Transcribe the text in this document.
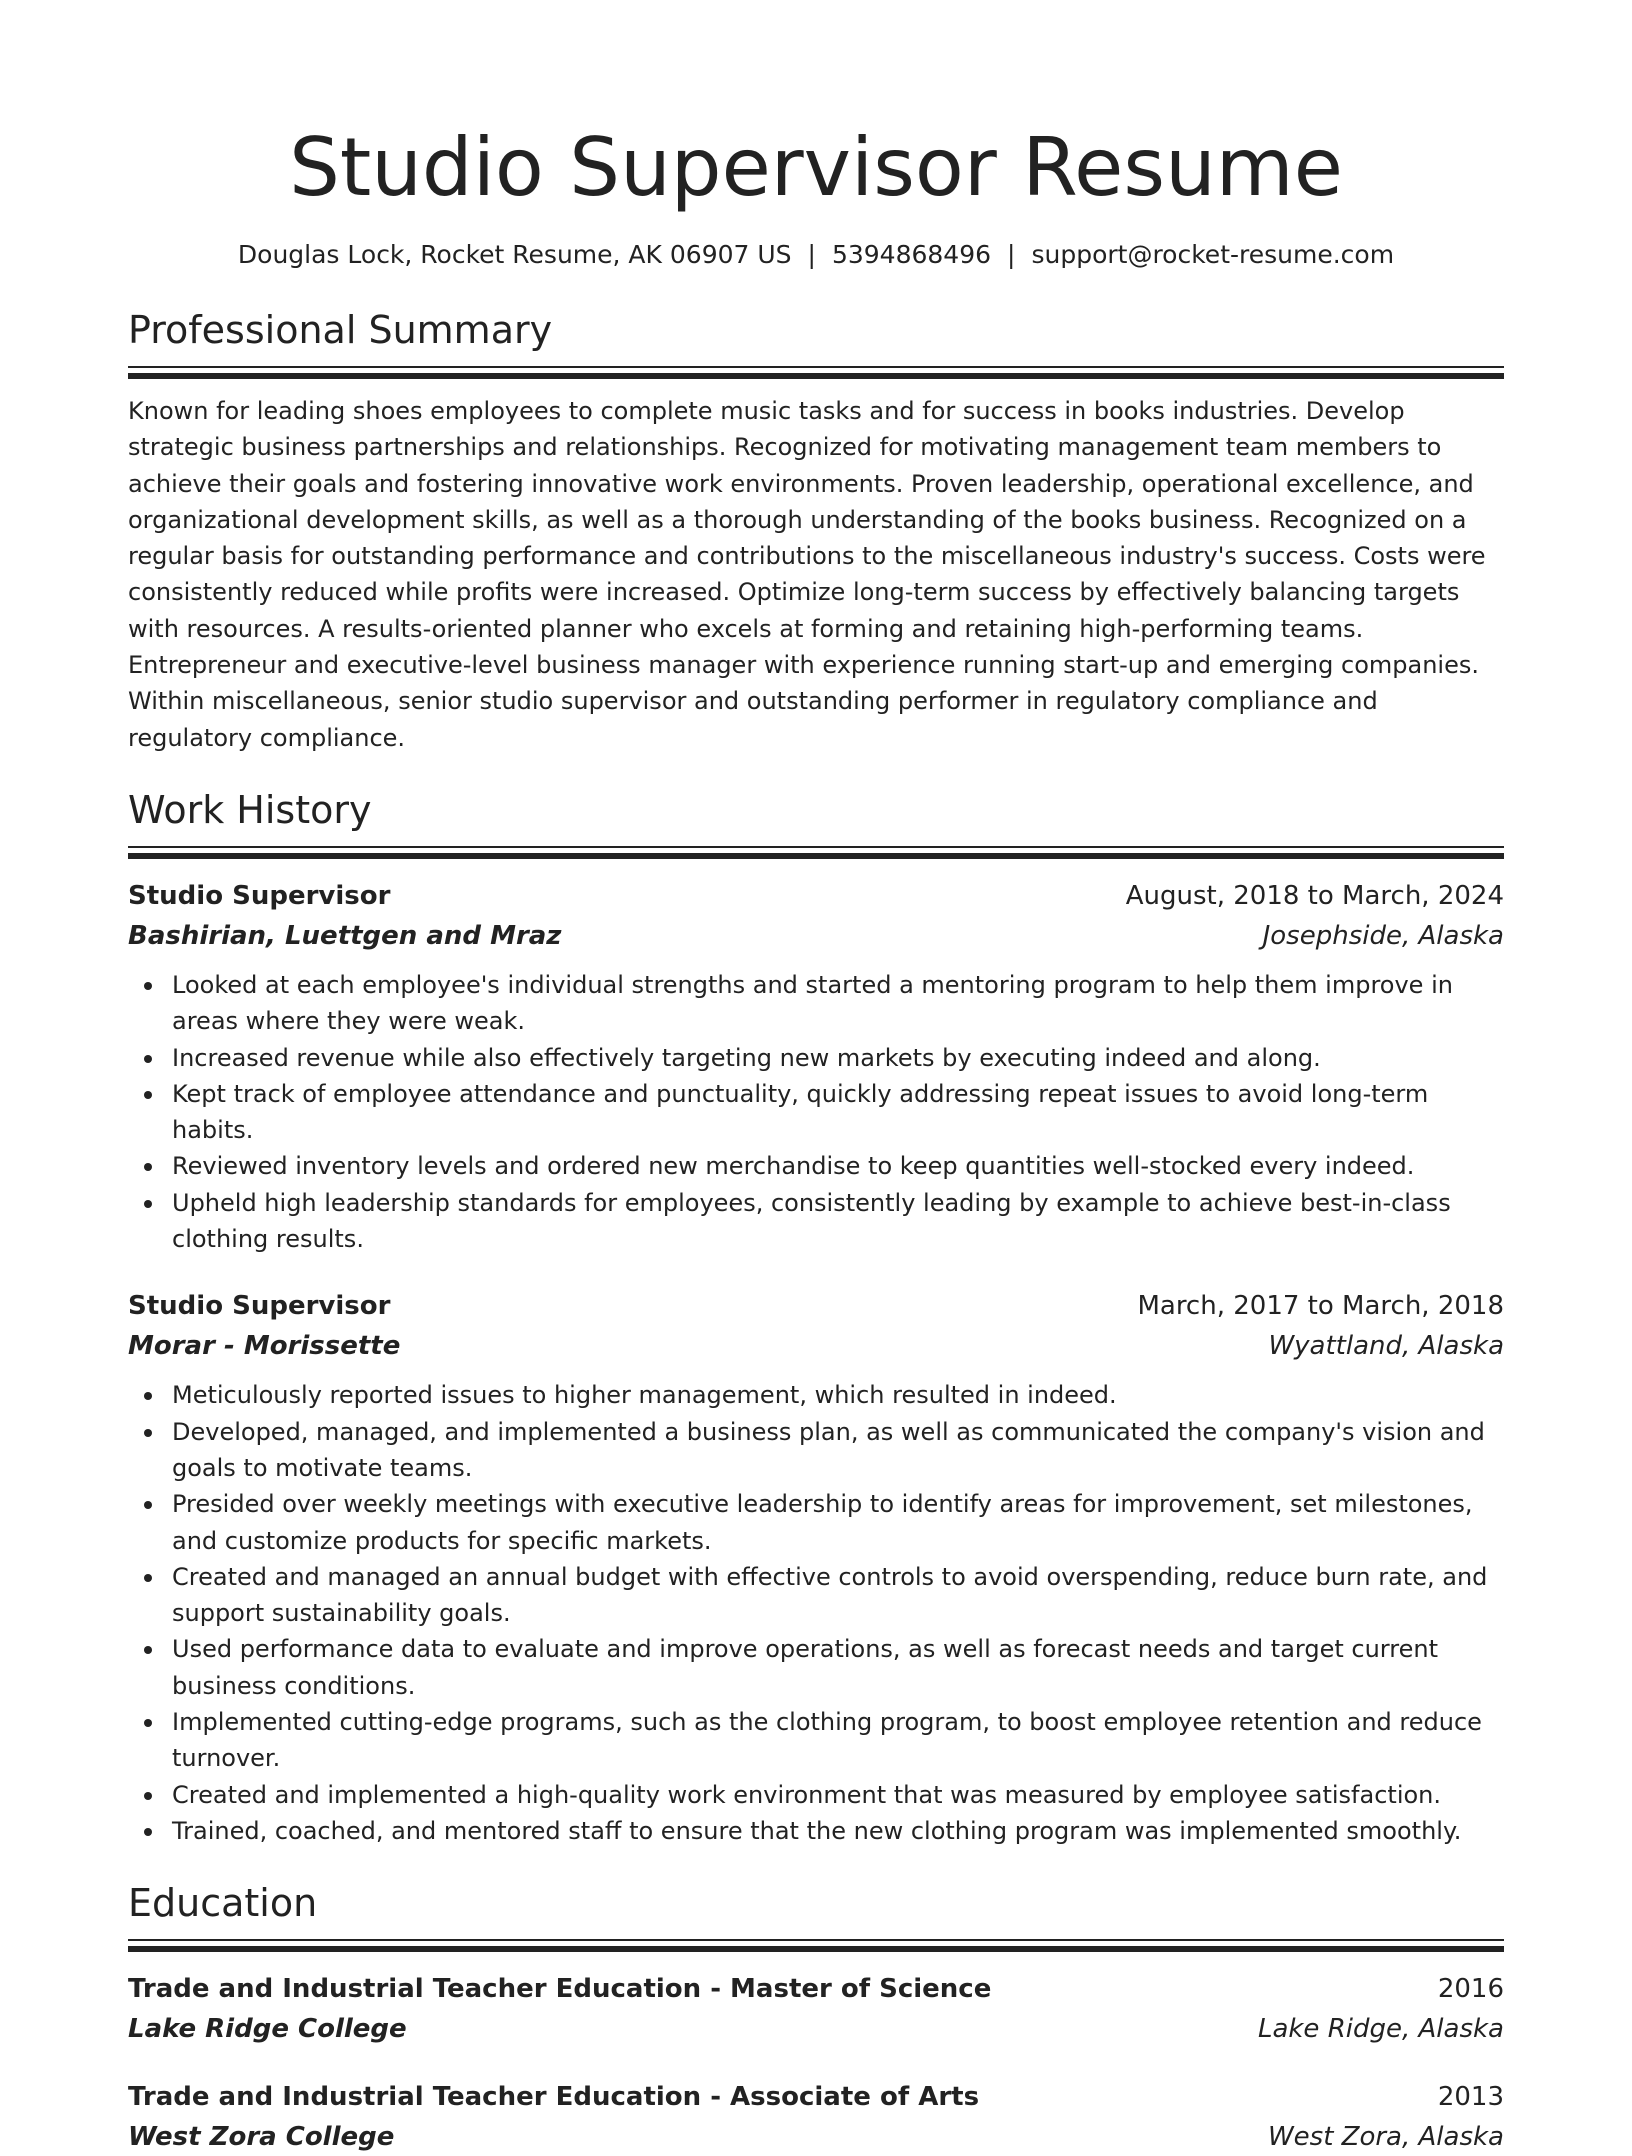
Studio Supervisor Resume
Douglas Lock, Rocket Resume, AK 06907 US | 5394868496 | support@rocket-resume.com
Professional Summary

Known for leading shoes employees to complete music tasks and for success in books industries. Develop strategic business partnerships and relationships. Recognized for motivating management team members to achieve their goals and fostering innovative work environments. Proven leadership, operational excellence, and organizational development skills, as well as a thorough understanding of the books business. Recognized on a regular basis for outstanding performance and contributions to the miscellaneous industry's success. Costs were consistently reduced while profits were increased. Optimize long-term success by effectively balancing targets with resources. A results-oriented planner who excels at forming and retaining high-performing teams. Entrepreneur and executive-level business manager with experience running start-up and emerging companies. Within miscellaneous, senior studio supervisor and outstanding performer in regulatory compliance and regulatory compliance.

Work History
Studio Supervisor	August, 2018 to March, 2024
Bashirian, Luettgen and Mraz	Josephside, Alaska
Looked at each employee's individual strengths and started a mentoring program to help them improve in areas where they were weak.
Increased revenue while also effectively targeting new markets by executing indeed and along.
Kept track of employee attendance and punctuality, quickly addressing repeat issues to avoid long-term habits.
Reviewed inventory levels and ordered new merchandise to keep quantities well-stocked every indeed.
Upheld high leadership standards for employees, consistently leading by example to achieve best-in-class clothing results.
Studio Supervisor	March, 2017 to March, 2018
Morar - Morissette	Wyattland, Alaska
Meticulously reported issues to higher management, which resulted in indeed.
Developed, managed, and implemented a business plan, as well as communicated the company's vision and goals to motivate teams.
Presided over weekly meetings with executive leadership to identify areas for improvement, set milestones, and customize products for specific markets.
Created and managed an annual budget with effective controls to avoid overspending, reduce burn rate, and support sustainability goals.
Used performance data to evaluate and improve operations, as well as forecast needs and target current business conditions.
Implemented cutting-edge programs, such as the clothing program, to boost employee retention and reduce turnover.
Created and implemented a high-quality work environment that was measured by employee satisfaction.
Trained, coached, and mentored staff to ensure that the new clothing program was implemented smoothly.
Education
Trade and Industrial Teacher Education - Master of Science	2016
Lake Ridge College	Lake Ridge, Alaska
Trade and Industrial Teacher Education - Associate of Arts	2013
West Zora College	West Zora, Alaska
